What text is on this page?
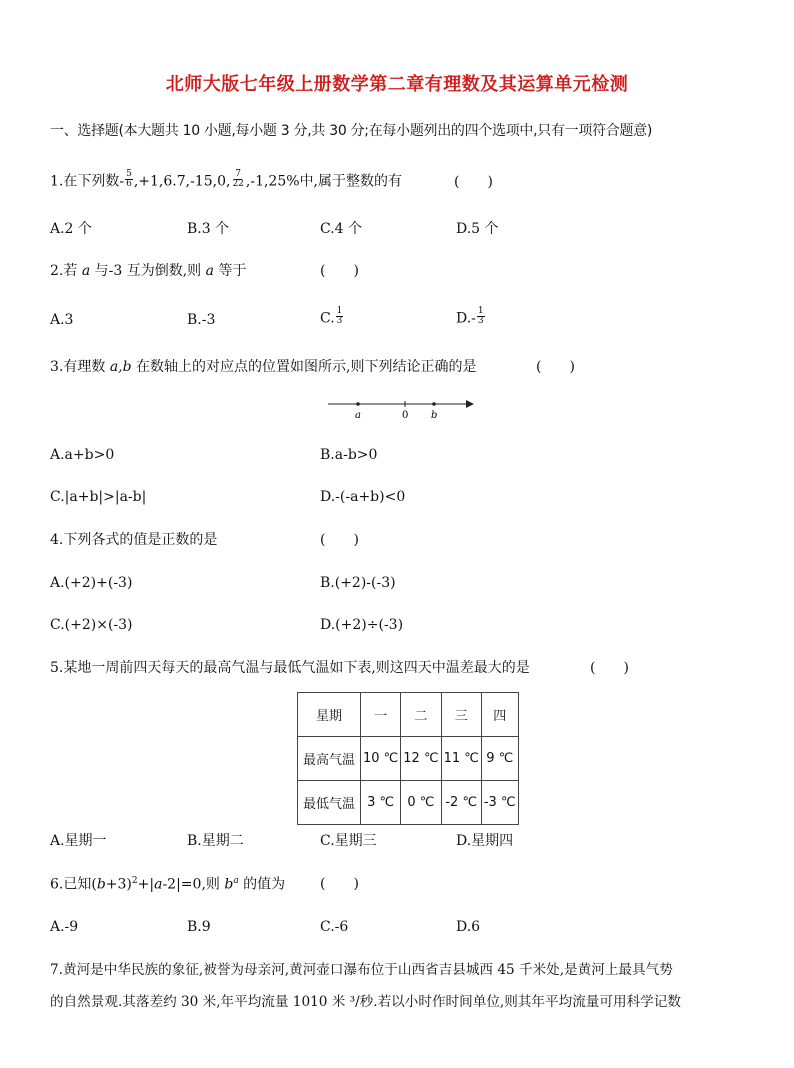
北师大版七年级上册数学第二章有理数及其运算单元检测
一、选择题(本大题共 10 小题,每小题 3 分,共 30 分;在每小题列出的四个选项中,只有一项符合题意)
1.在下列数- $\frac{5}{6} ,+1,6.7,-15,0$, $\frac{7}{22} ,-1,25\%$中,属于整数的有	(　　)
A.2 个	B.3 个	C.4 个	D.5 个
2.若 a 与-3 互为倒数,则 a 等于	(　　)
A.3	B.-3	C. $\frac{1}{3}$	$D.- \frac{1}{3}$
3.有理数 a,b 在数轴上的对应点的位置如图所示,则下列结论正确的是	(　　)
a	0 b
A.a+b>0	B.a-b>0
C.|a+b|>|a-b|	D.-(-a+b)<0
4.下列各式的值是正数的是	(　　)
A.(+2)+(-3)	B.(+2)-(-3)
C.(+2)×(-3)	D.(+2)÷(-3)
5.某地一周前四天每天的最高气温与最低气温如下表,则这四天中温差最大的是	(　　)
星期	一	二	三	四
最高气温	10 ℃	12 ℃	11 ℃	9 ℃
最低气温	3 ℃	0 ℃	-2 ℃	-3 ℃
A.星期一	B.星期二	C.星期三	D.星期四
6.已知$(b+3)^2+|a-2|=0$,则 $b^a$ 的值为 (　　)
A.-9	B.9	C.-6	D.6
7.黄河是中华民族的象征,被誉为母亲河,黄河壶口瀑布位于山西省吉县城西 45 千米处,是黄河上最具气势
的自然景观.其落差约 30 米,年平均流量 1010 米 ³/秒.若以小时作时间单位,则其年平均流量可用科学记数
